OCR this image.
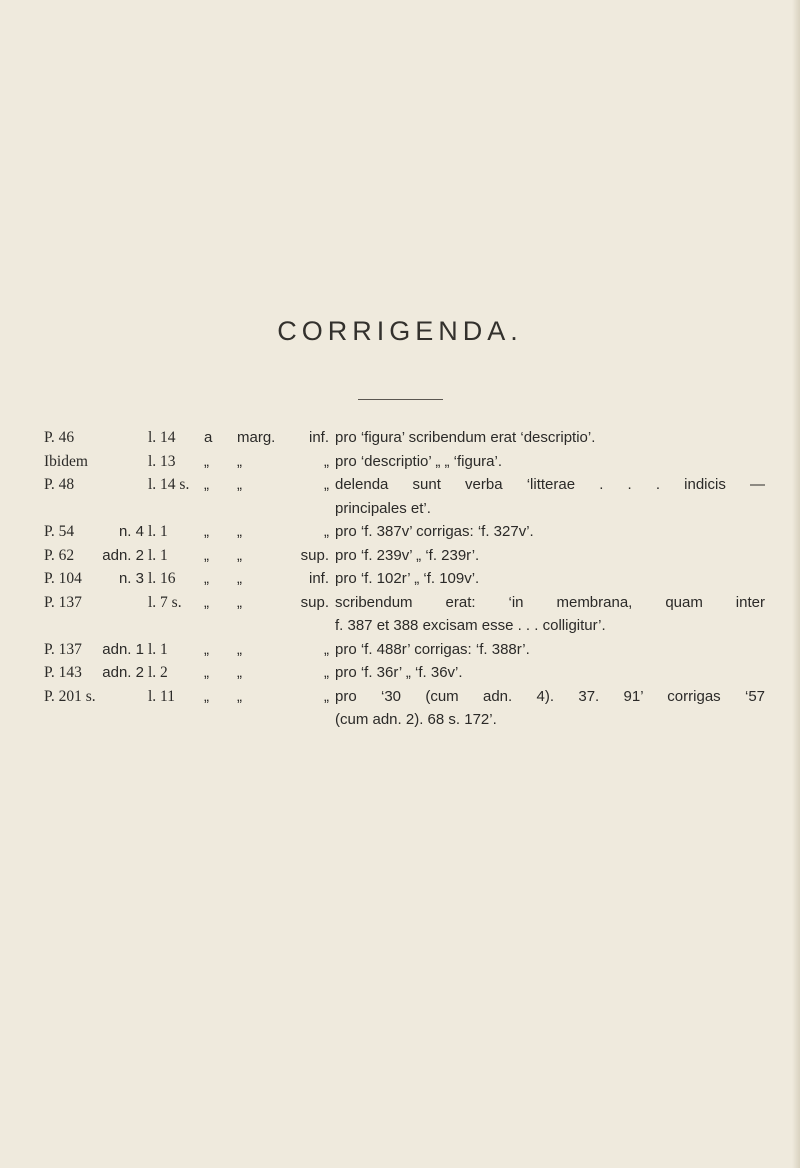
CORRIGENDA.
P. 46	l. 14 a marg.	inf. pro ‘figura’ scribendum erat ‘descriptio’.
Ibidem	l. 13 „ „	„ pro ‘descriptio’ „ „ ‘figura’.
P. 48	l. 14 s. „ „	„ delenda sunt verba ‘litterae . . . indicis —
principales et’.
P. 54	n. 4 l. 1 „ „	„ pro ‘f. 387v’ corrigas: ‘f. 327v’.
P. 62	adn. 2 l. 1 „ „	sup. pro ‘f. 239v’ „ ‘f. 239r’.
P. 104	n. 3 l. 16 „ „	inf. pro ‘f. 102r’ „ ‘f. 109v’.
P. 137	l. 7 s. „ „	sup. scribendum erat: ‘in membrana, quam inter
f. 387 et 388 excisam esse . . . colligitur’.
P. 137	adn. 1 l. 1 „ „	„ pro ‘f. 488r’ corrigas: ‘f. 388r’.
P. 143	adn. 2 l. 2 „ „	„ pro ‘f. 36r’ „ ‘f. 36v’.
P. 201 s.	l. 11 „ „	„ pro ‘30 (cum adn. 4). 37. 91’ corrigas ‘57
(cum adn. 2). 68 s. 172’.
